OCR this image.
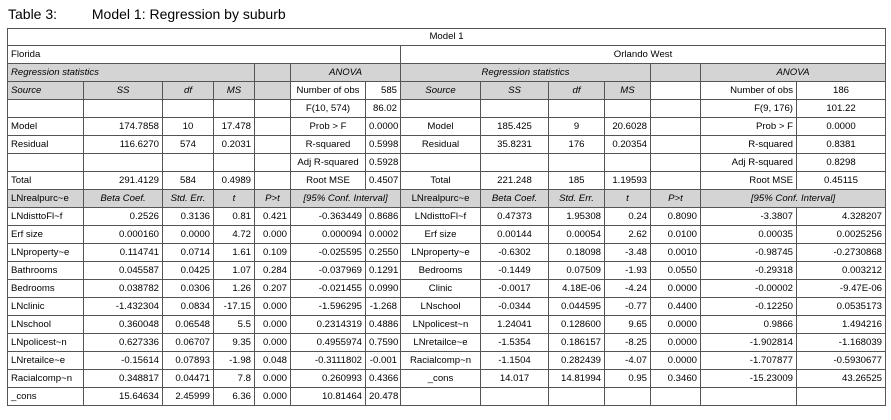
Table 3: Model 1: Regression by suburb
Model 1													
Florida							Orlando West						
Regression statistics					ANOVA		Regression statistics					ANOVA	
Source	SS	df	MS		Number of obs	585	Source	SS	df	MS		Number of obs	186
					F(10, 574)	86.02						F(9, 176)	101.22
Model	174.7858	10	17.478		Prob > F	0.0000	Model	185.425	9	20.6028		Prob > F	0.0000
Residual	116.6270	574	0.2031		R-squared	0.5998	Residual	35.8231	176	0.20354		R-squared	0.8381
					Adj R-squared	0.5928						Adj R-squared	0.8298
Total	291.4129	584	0.4989		Root MSE	0.4507	Total	221.248	185	1.19593		Root MSE	0.45115
LNrealpurc~e	Beta Coef.	Std. Err.	t	P>t	[95% Conf. Interval]		LNrealpurc~e	Beta Coef.	Std. Err.	t	P>t	[95% Conf. Interval]	
LNdisttoFl~f	0.2526	0.3136	0.81	0.421	-0.363449	0.8686	LNdisttoFl~f	0.47373	1.95308	0.24	0.8090	-3.3807	4.328207
Erf size	0.000160	0.0000	4.72	0.000	0.000094	0.0002	Erf size	0.00144	0.00054	2.62	0.0100	0.00035	0.0025256
LNproperty~e	0.114741	0.0714	1.61	0.109	-0.025595	0.2550	LNproperty~e	-0.6302	0.18098	-3.48	0.0010	-0.98745	-0.2730868
Bathrooms	0.045587	0.0425	1.07	0.284	-0.037969	0.1291	Bedrooms	-0.1449	0.07509	-1.93	0.0550	-0.29318	0.003212
Bedrooms	0.038782	0.0306	1.26	0.207	-0.021455	0.0990	Clinic	-0.0017	4.18E-06	-4.24	0.0000	-0.00002	-9.47E-06
LNclinic	-1.432304	0.0834	-17.15	0.000	-1.596295	-1.268	LNschool	-0.0344	0.044595	-0.77	0.4400	-0.12250	0.0535173
LNschool	0.360048	0.06548	5.5	0.000	0.2314319	0.4886	LNpolicest~n	1.24041	0.128600	9.65	0.0000	0.9866	1.494216
LNpolicest~n	0.627336	0.06707	9.35	0.000	0.4955974	0.7590	LNretailce~e	-1.5354	0.186157	-8.25	0.0000	-1.902814	-1.168039
LNretailce~e	-0.15614	0.07893	-1.98	0.048	-0.3111802	-0.001	Racialcomp~n	-1.1504	0.282439	-4.07	0.0000	-1.707877	-0.5930677
Racialcomp~n	0.348817	0.04471	7.8	0.000	0.260993	0.4366	_cons	14.017	14.81994	0.95	0.3460	-15.23009	43.26525
_cons	15.64634	2.45999	6.36	0.000	10.81464	20.478							
